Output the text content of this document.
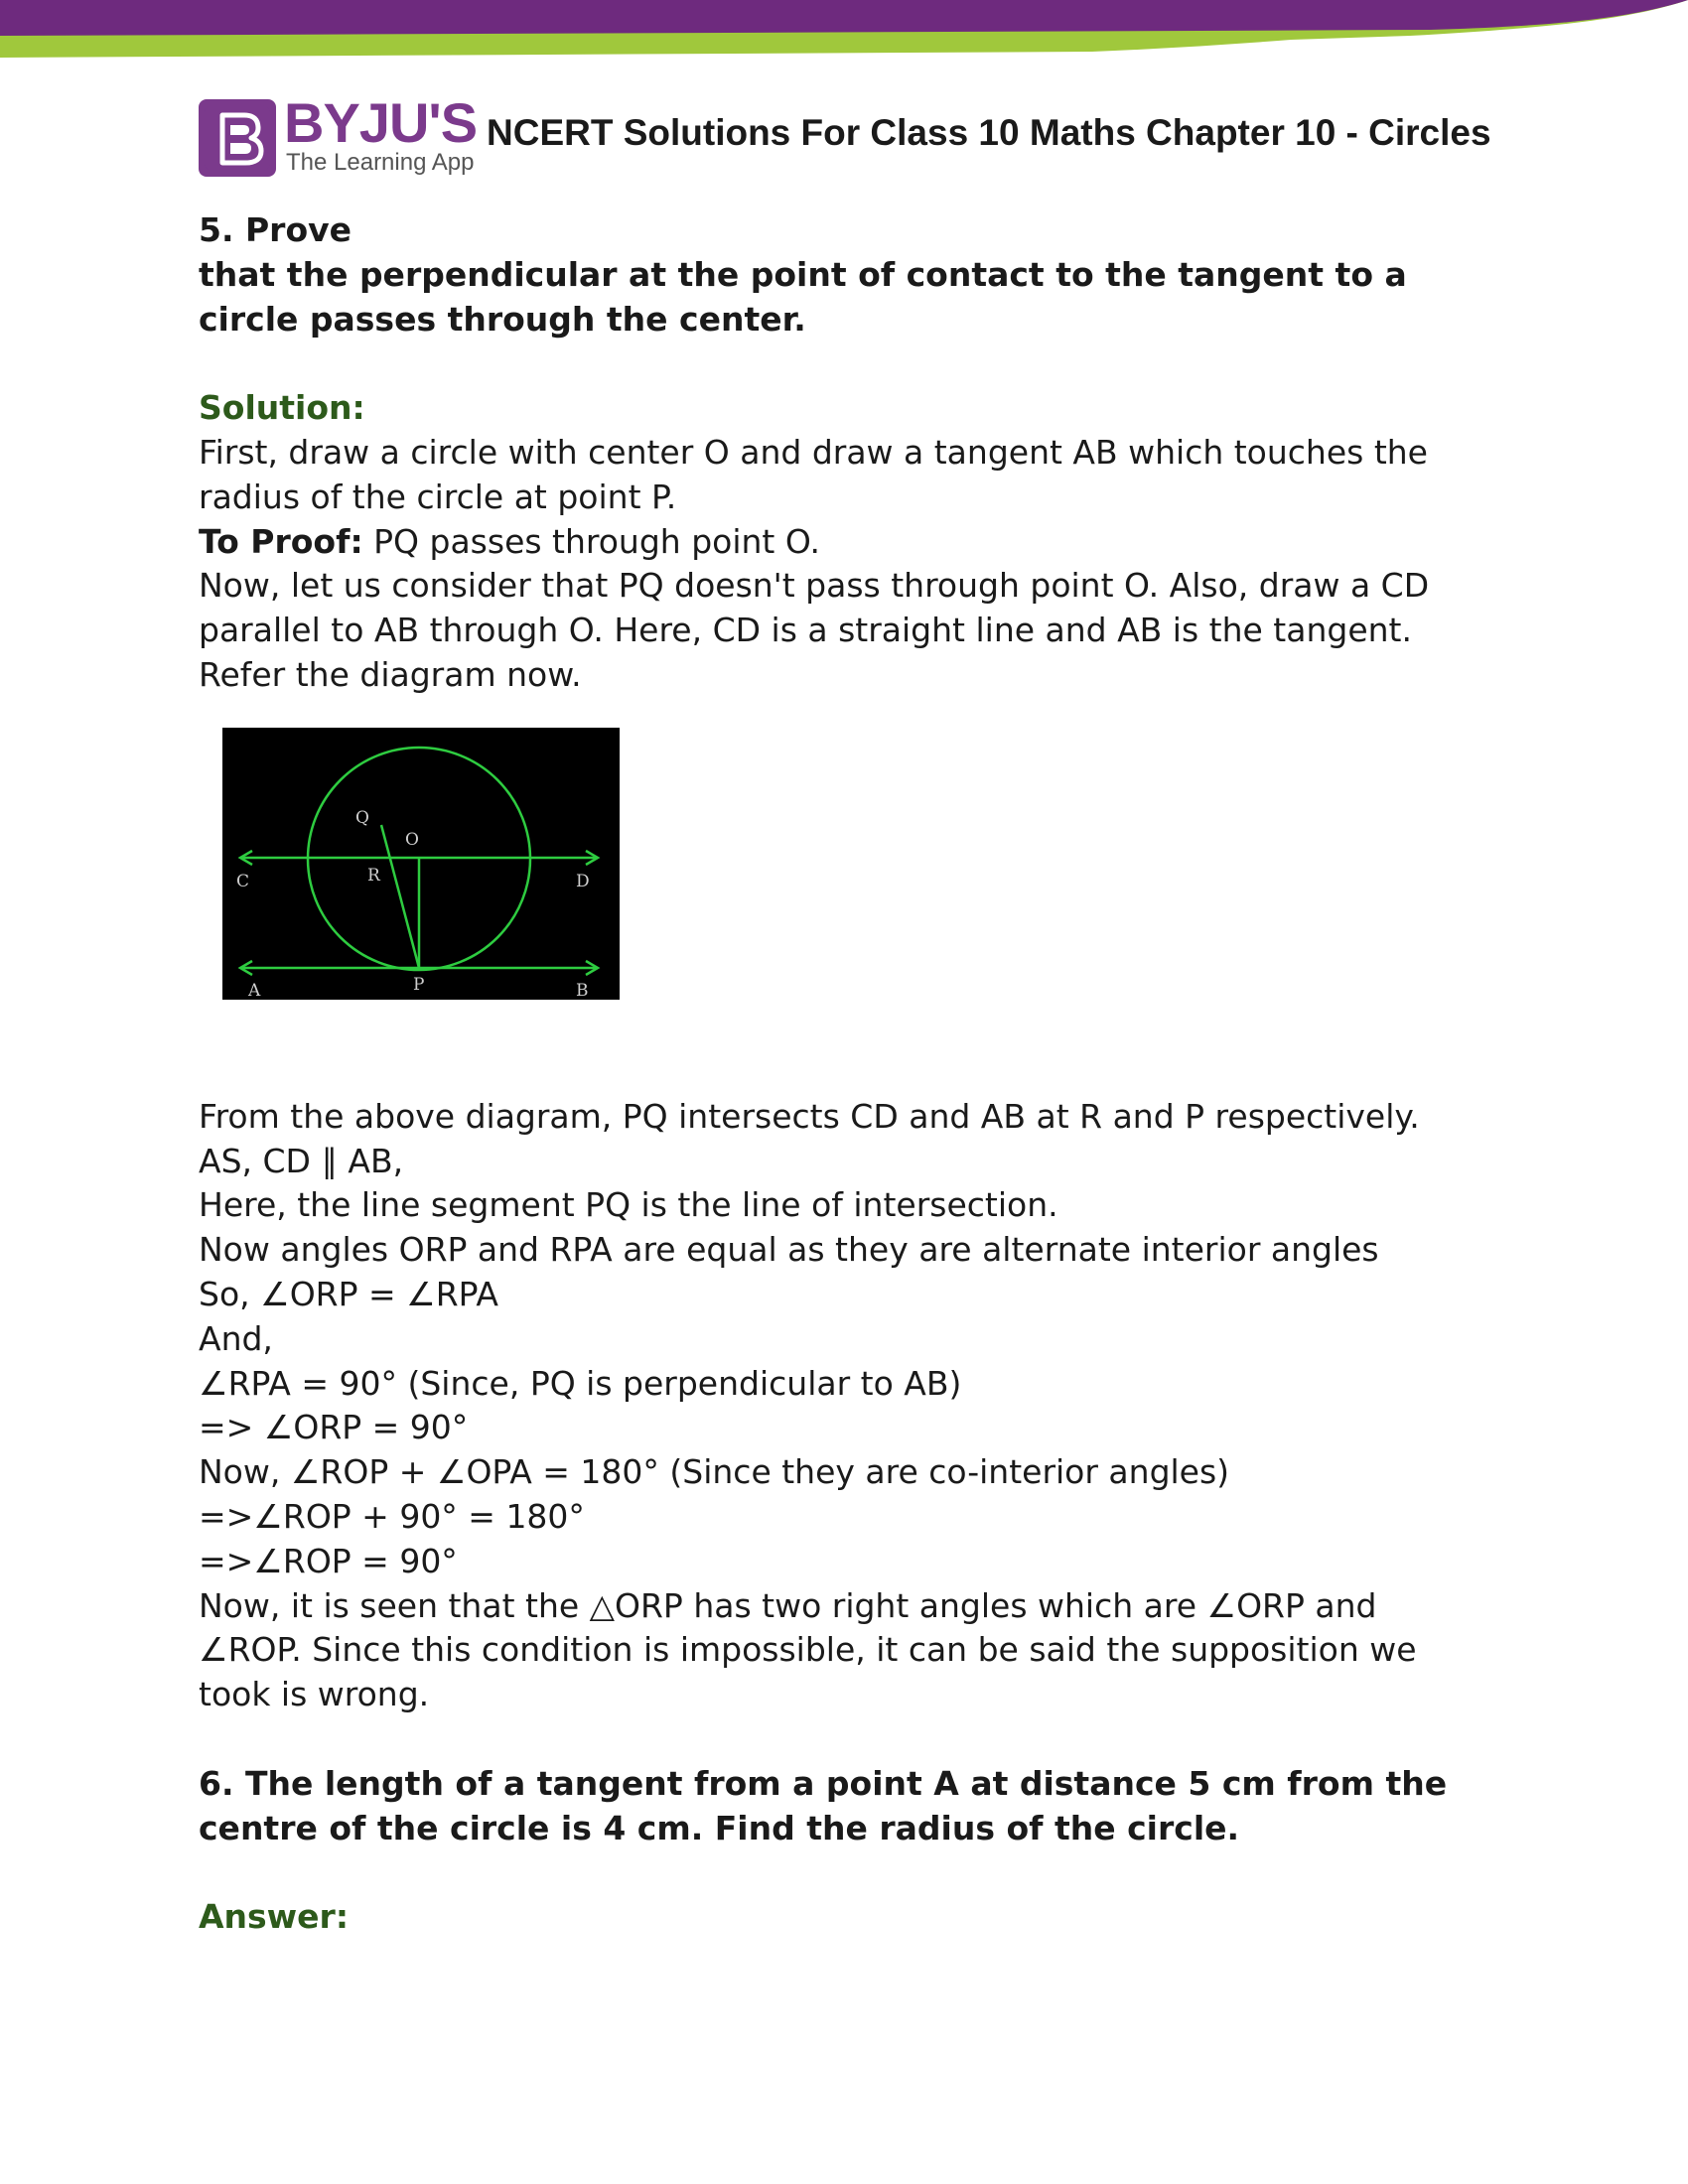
BYJU'S
The Learning App
NCERT Solutions For Class 10 Maths Chapter 10 - Circles
5. Prove
that the perpendicular at the point of contact to the tangent to a
circle passes through the center.
Solution:
First, draw a circle with center O and draw a tangent AB which touches the
radius of the circle at point P.
To Proof: PQ passes through point O.
Now, let us consider that PQ doesn't pass through point O. Also, draw a CD
parallel to AB through O. Here, CD is a straight line and AB is the tangent.
Refer the diagram now.
C	D
A	B
P
Q
R
O
From the above diagram, PQ intersects CD and AB at R and P respectively.
AS, CD ∥ AB,
Here, the line segment PQ is the line of intersection.
Now angles ORP and RPA are equal as they are alternate interior angles
So, ∠ORP = ∠RPA
And,
∠RPA = 90° (Since, PQ is perpendicular to AB)
=> ∠ORP = 90°
Now, ∠ROP + ∠OPA = 180° (Since they are co-interior angles)
=>∠ROP + 90° = 180°
=>∠ROP = 90°
Now, it is seen that the △ORP has two right angles which are ∠ORP and
∠ROP. Since this condition is impossible, it can be said the supposition we
took is wrong.
6. The length of a tangent from a point A at distance 5 cm from the
centre of the circle is 4 cm. Find the radius of the circle.
Answer:
